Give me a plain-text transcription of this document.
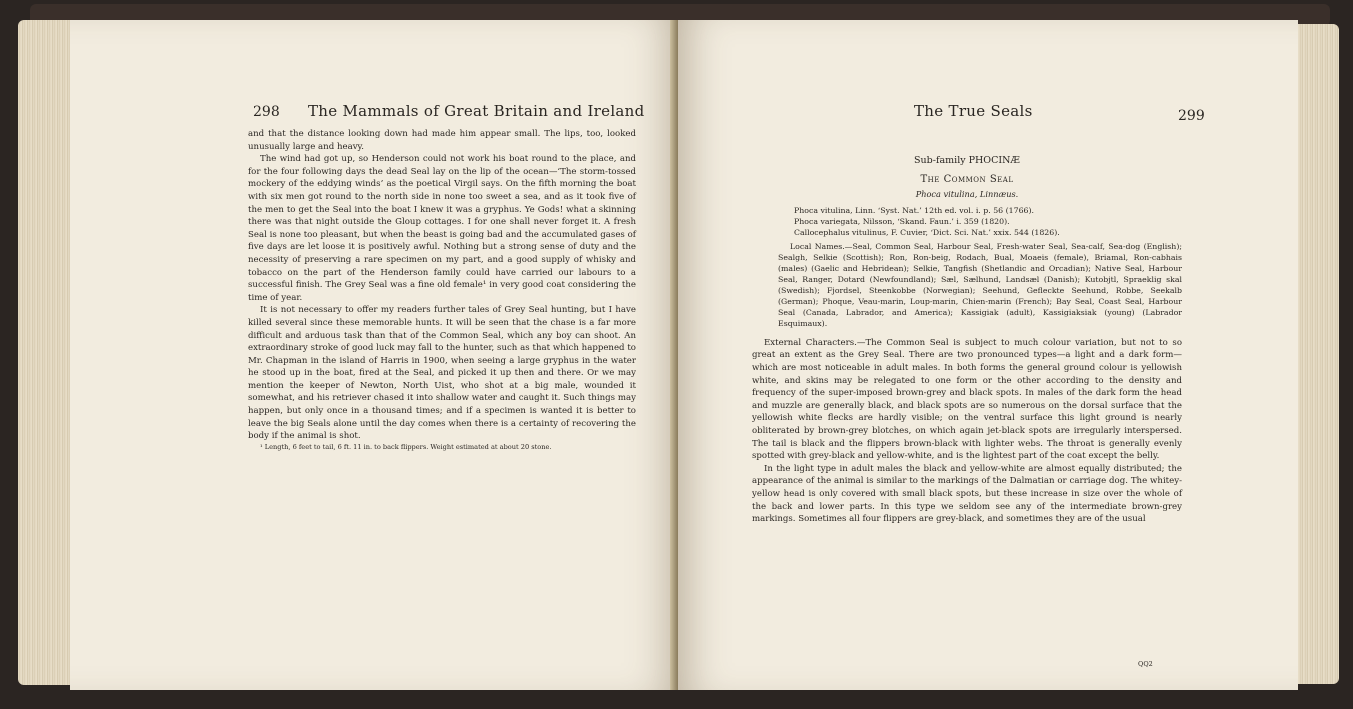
298 The Mammals of Great Britain and Ireland

and that the distance looking down had made him appear small. The lips, too, looked unusually large and heavy.

The wind had got up, so Henderson could not work his boat round to the place, and for the four following days the dead Seal lay on the lip of the ocean—‘The storm-tossed mockery of the eddying winds’ as the poetical Virgil says. On the fifth morning the boat with six men got round to the north side in none too sweet a sea, and as it took five of the men to get the Seal into the boat I knew it was a gryphus. Ye Gods! what a skinning there was that night outside the Gloup cottages. I for one shall never forget it. A fresh Seal is none too pleasant, but when the beast is going bad and the accumulated gases of five days are let loose it is positively awful. Nothing but a strong sense of duty and the necessity of preserving a rare specimen on my part, and a good supply of whisky and tobacco on the part of the Henderson family could have carried our labours to a successful finish. The Grey Seal was a fine old female¹ in very good coat considering the time of year.

It is not necessary to offer my readers further tales of Grey Seal hunting, but I have killed several since these memorable hunts. It will be seen that the chase is a far more difficult and arduous task than that of the Common Seal, which any boy can shoot. An extraordinary stroke of good luck may fall to the hunter, such as that which happened to Mr. Chapman in the island of Harris in 1900, when seeing a large gryphus in the water he stood up in the boat, fired at the Seal, and picked it up then and there. Or we may mention the keeper of Newton, North Uist, who shot at a big male, wounded it somewhat, and his retriever chased it into shallow water and caught it. Such things may happen, but only once in a thousand times; and if a specimen is wanted it is better to leave the big Seals alone until the day comes when there is a certainty of recovering the body if the animal is shot.

¹ Length, 6 feet to tail, 6 ft. 11 in. to back flippers. Weight estimated at about 20 stone.

The True Seals	299

Sub-family PHOCINÆ

The Common Seal

Phoca vitulina, Linnæus.

Phoca vitulina, Linn. ‘Syst. Nat.’ 12th ed. vol. i. p. 56 (1766).

Phoca variegata, Nilsson, ‘Skand. Faun.’ i. 359 (1820).

Callocephalus vitulinus, F. Cuvier, ‘Dict. Sci. Nat.’ xxix. 544 (1826).

Local Names.—Seal, Common Seal, Harbour Seal, Fresh-water Seal, Sea-calf, Sea-dog (English); Sealgh, Selkie (Scottish); Ron, Ron-beig, Rodach, Bual, Moaeis (female), Briamal, Ron-cabhais (males) (Gaelic and Hebridean); Selkie, Tangfish (Shetlandic and Orcadian); Native Seal, Harbour Seal, Ranger, Dotard (Newfoundland); Sæl, Sælhund, Landsæl (Danish); Kutobjtl, Spraeklig skal (Swedish); Fjordsel, Steenkobbe (Norwegian); Seehund, Gefleckte Seehund, Robbe, Seekalb (German); Phoque, Veau-marin, Loup-marin, Chien-marin (French); Bay Seal, Coast Seal, Harbour Seal (Canada, Labrador, and America); Kassigiak (adult), Kassigiaksiak (young) (Labrador Esquimaux).

External Characters.—The Common Seal is subject to much colour variation, but not to so great an extent as the Grey Seal. There are two pronounced types—a light and a dark form—which are most noticeable in adult males. In both forms the general ground colour is yellowish white, and skins may be relegated to one form or the other according to the density and frequency of the super-imposed brown-grey and black spots. In males of the dark form the head and muzzle are generally black, and black spots are so numerous on the dorsal surface that the yellowish white flecks are hardly visible; on the ventral surface this light ground is nearly obliterated by brown-grey blotches, on which again jet-black spots are irregularly interspersed. The tail is black and the flippers brown-black with lighter webs. The throat is generally evenly spotted with grey-black and yellow-white, and is the lightest part of the coat except the belly.

In the light type in adult males the black and yellow-white are almost equally distributed; the appearance of the animal is similar to the markings of the Dalmatian or carriage dog. The whitey-yellow head is only covered with small black spots, but these increase in size over the whole of the back and lower parts. In this type we seldom see any of the intermediate brown-grey markings. Sometimes all four flippers are grey-black, and sometimes they are of the usual

QQ2
